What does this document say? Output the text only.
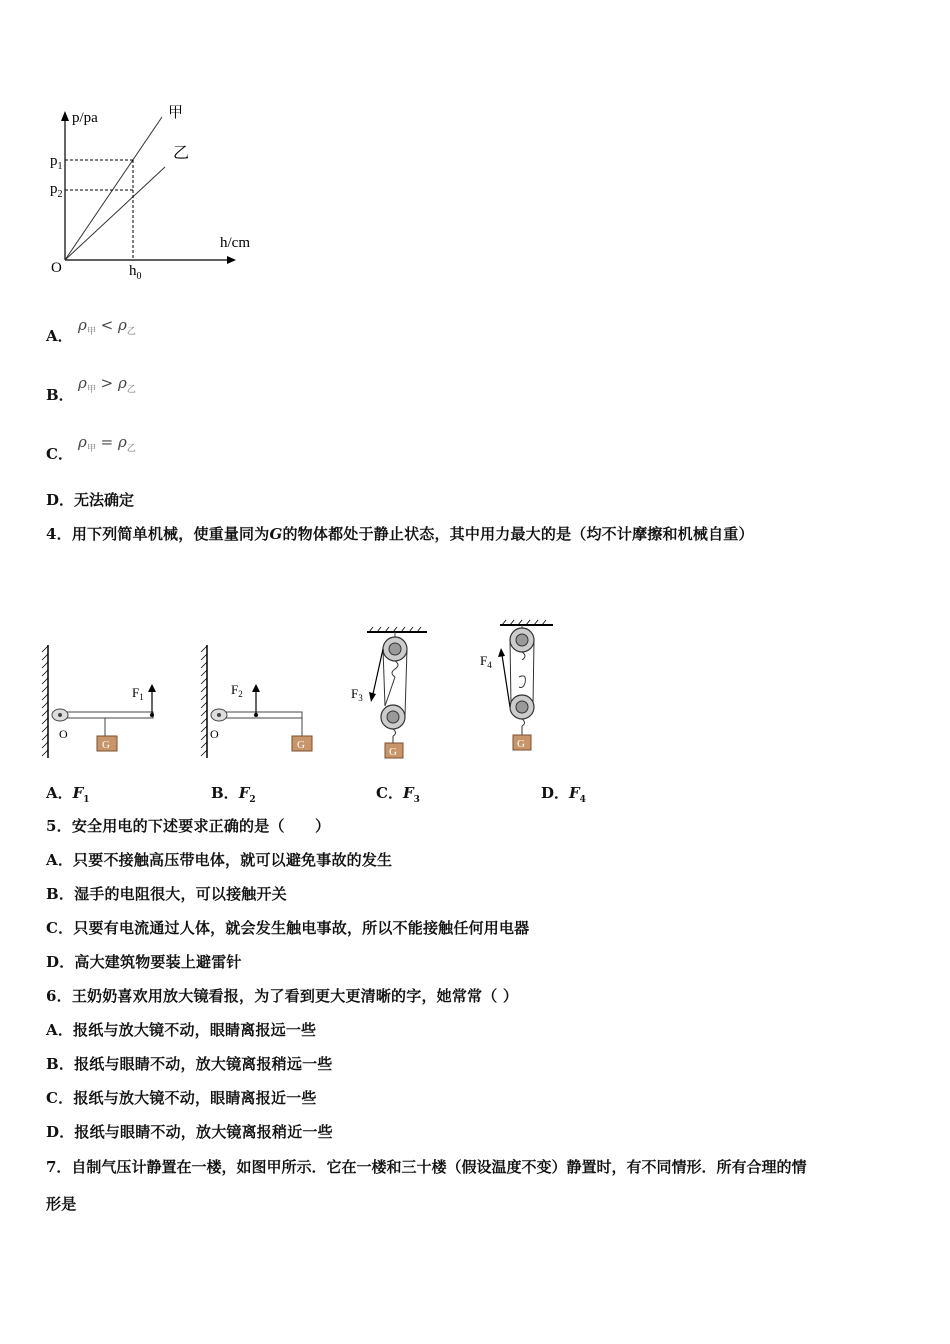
p/pa
h/cm
O
$p_1$
$p_2$
$h_0$
甲
乙
A．
$\rho_甲 < \rho_乙$
B．
$\rho_甲 > \rho_乙$
C．
$\rho_甲 = \rho_乙$
D． 无法确定
4．用下列简单机械，使重量同为G的物体都处于静止状态，其中用力最大的是（均不计摩擦和机械自重）
O
G
$F_1$
O
G
$F_2$
G
$F_3$
G
$F_4$
A．$F_1$	B．$F_2$	C．$F_3$	D．$F_4$
5．安全用电的下述要求正确的是（　　）
A．只要不接触高压带电体，就可以避免事故的发生
B．湿手的电阻很大，可以接触开关
C．只要有电流通过人体，就会发生触电事故，所以不能接触任何用电器
D．高大建筑物要装上避雷针
6．王奶奶喜欢用放大镜看报，为了看到更大更清晰的字，她常常（ ）
A．报纸与放大镜不动，眼睛离报远一些
B．报纸与眼睛不动，放大镜离报稍远一些
C．报纸与放大镜不动，眼睛离报近一些
D．报纸与眼睛不动，放大镜离报稍近一些
7．自制气压计静置在一楼，如图甲所示．它在一楼和三十楼（假设温度不变）静置时，有不同情形．所有合理的情
形是
